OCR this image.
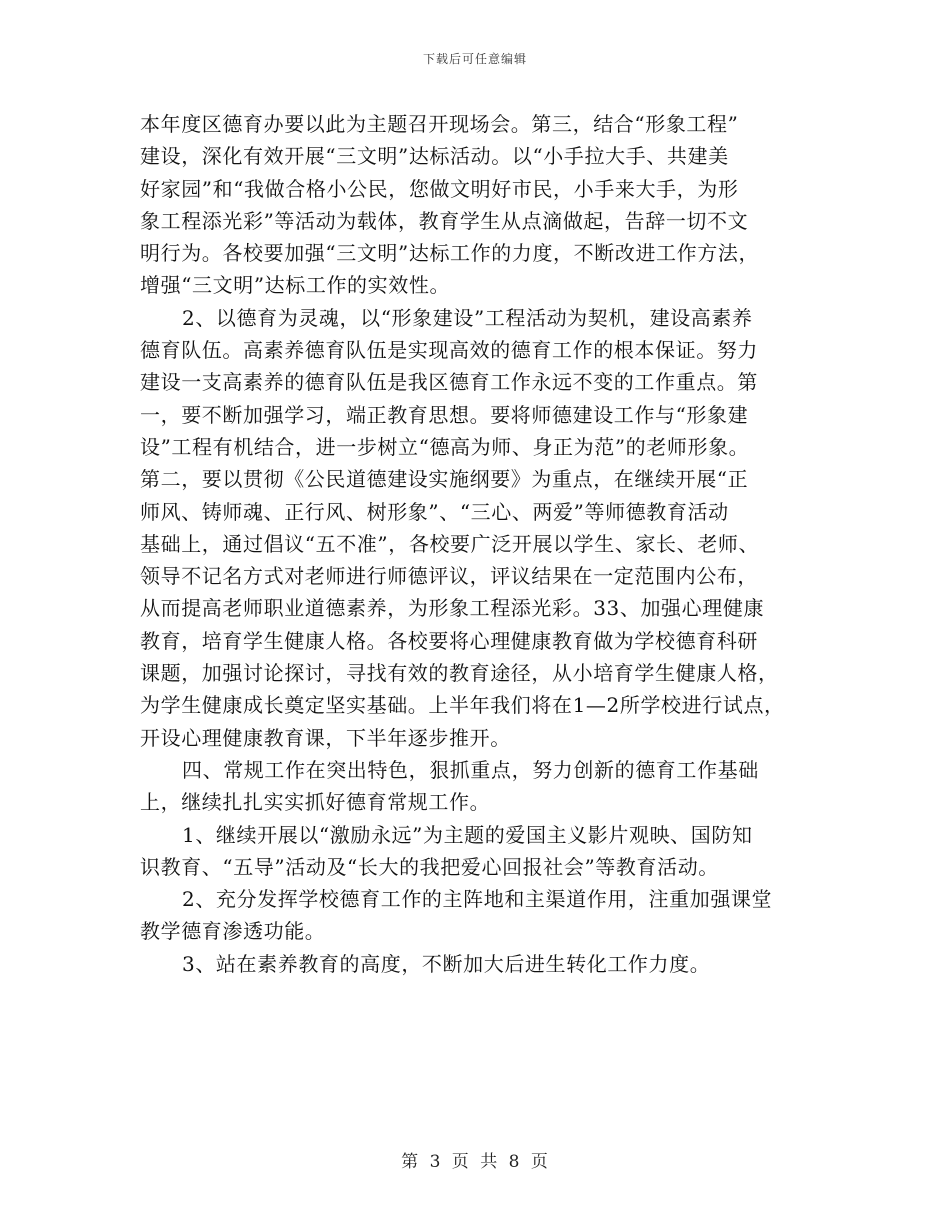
下载后可任意编辑
本年度区德育办要以此为主题召开现场会。第三，结合“形象工程”
建设，深化有效开展“三文明”达标活动。以“小手拉大手、共建美
好家园”和“我做合格小公民，您做文明好市民，小手来大手，为形
象工程添光彩”等活动为载体，教育学生从点滴做起，告辞一切不文
明行为。各校要加强“三文明”达标工作的力度，不断改进工作方法，
增强“三文明”达标工作的实效性。
2、以德育为灵魂，以“形象建设”工程活动为契机，建设高素养
德育队伍。高素养德育队伍是实现高效的德育工作的根本保证。努力
建设一支高素养的德育队伍是我区德育工作永远不变的工作重点。第
一，要不断加强学习，端正教育思想。要将师德建设工作与“形象建
设”工程有机结合，进一步树立“德高为师、身正为范”的老师形象。
第二，要以贯彻《公民道德建设实施纲要》为重点，在继续开展“正
师风、铸师魂、正行风、树形象”、“三心、两爱”等师德教育活动
基础上，通过倡议“五不准”，各校要广泛开展以学生、家长、老师、
领导不记名方式对老师进行师德评议，评议结果在一定范围内公布，
从而提高老师职业道德素养，为形象工程添光彩。33、加强心理健康
教育，培育学生健康人格。各校要将心理健康教育做为学校德育科研
课题，加强讨论探讨，寻找有效的教育途径，从小培育学生健康人格，
为学生健康成长奠定坚实基础。上半年我们将在1—2所学校进行试点，
开设心理健康教育课，下半年逐步推开。
四、常规工作在突出特色，狠抓重点，努力创新的德育工作基础
上，继续扎扎实实抓好德育常规工作。
1、继续开展以“激励永远”为主题的爱国主义影片观映、国防知
识教育、“五导”活动及“长大的我把爱心回报社会”等教育活动。
2、充分发挥学校德育工作的主阵地和主渠道作用，注重加强课堂
教学德育渗透功能。
3、站在素养教育的高度，不断加大后进生转化工作力度。
第 3 页 共 8 页
